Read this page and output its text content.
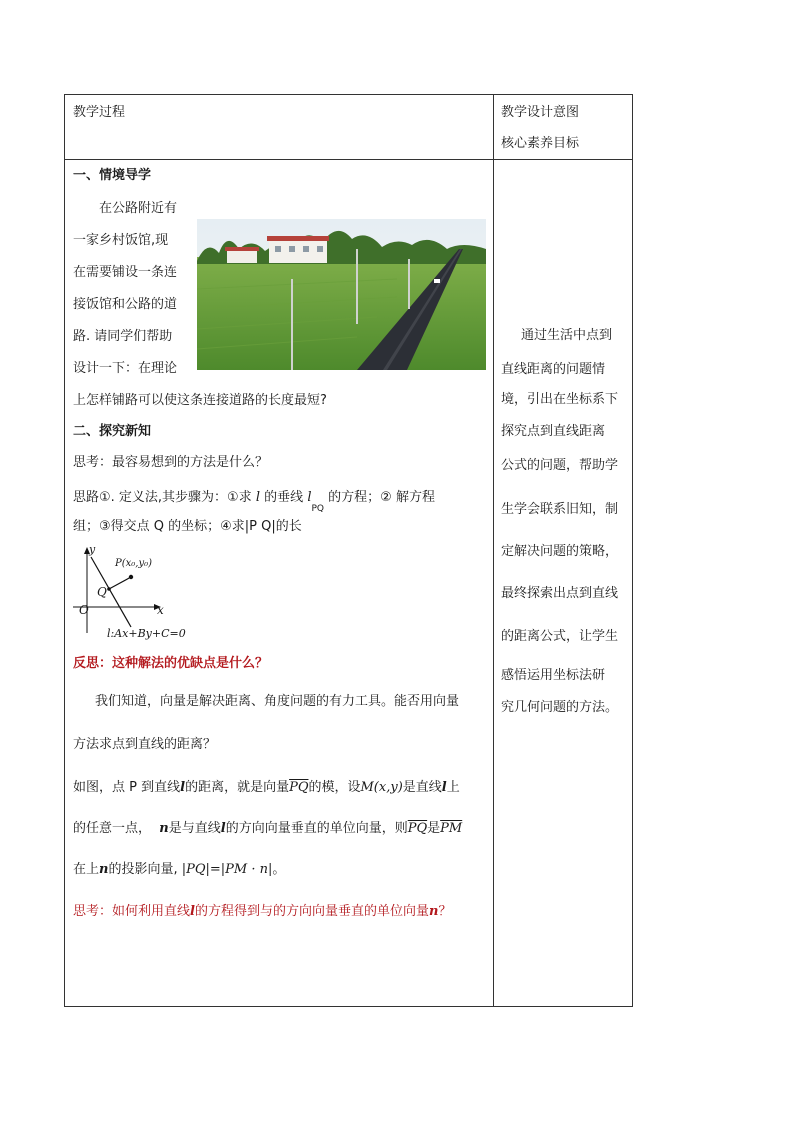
教学过程	教学设计意图
核心素养目标
一、情境导学
在公路附近有
一家乡村饭馆,现
在需要铺设一条连
接饭馆和公路的道
路. 请同学们帮助
设计一下：在理论
上怎样铺路可以使这条连接道路的长度最短?
二、探究新知
思考：最容易想到的方法是什么？
思路①. 定义法,其步骤为：①求 l 的垂线 $l_{PQ}$ 的方程；② 解方程
组；③得交点 Q 的坐标；④求|P Q|的长
y
x
O
Q
P(x₀,y₀)
l:Ax+By+C=0
反思：这种解法的优缺点是什么？
我们知道，向量是解决距离、角度问题的有力工具。能否用向量
方法求点到直线的距离？
如图，点 P 到直线l的距离，就是向量$\overline{PQ}$的模，设M(x,y)是直线l上
的任意一点， n是与直线l的方向向量垂直的单位向量，则$\overline{PQ}$是$\overline{PM}$
在上n的投影向量, |PQ|=|PM · n|。
思考：如何利用直线l的方程得到与的方向向量垂直的单位向量n？
通过生活中点到
直线距离的问题情
境，引出在坐标系下
探究点到直线距离
公式的问题，帮助学
生学会联系旧知，制
定解决问题的策略，
最终探索出点到直线
的距离公式，让学生
感悟运用坐标法研
究几何问题的方法。
